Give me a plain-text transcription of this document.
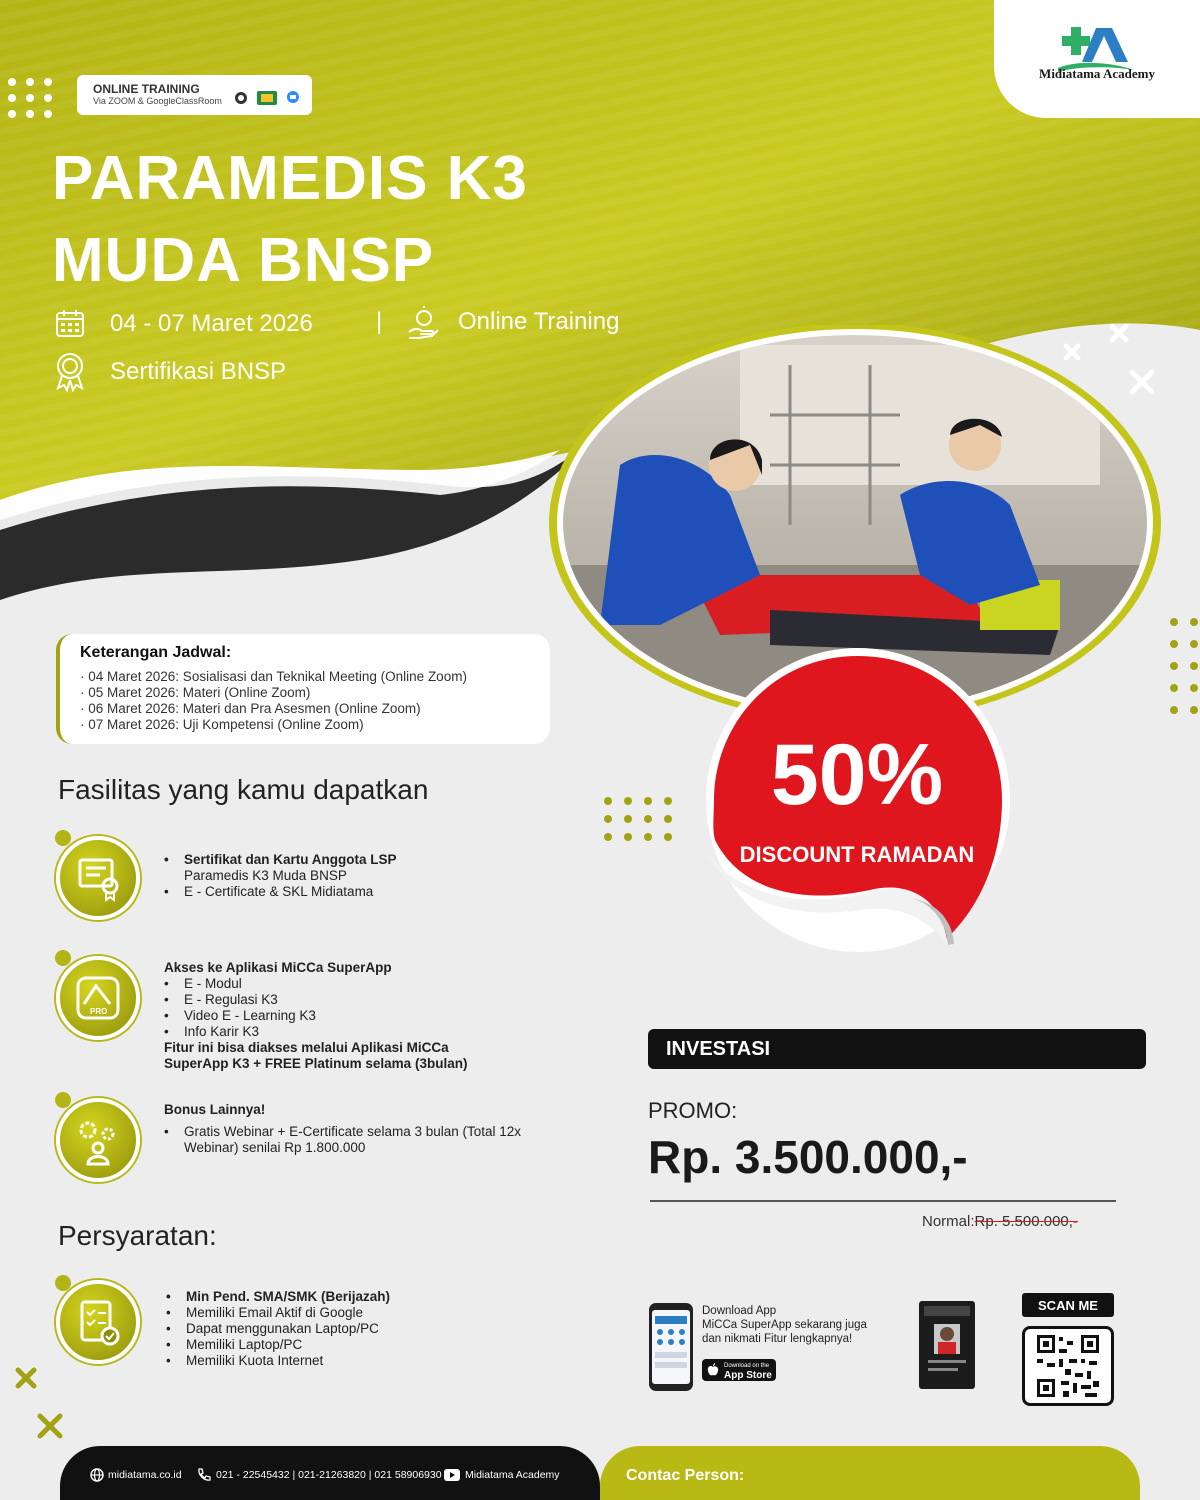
Midiatama Academy
ONLINE TRAINING
Via ZOOM & GoogleClassRoom
PARAMEDIS K3
MUDA BNSP
04 - 07 Maret 2026	|	Online Training
Sertifikasi BNSP
50%
DISCOUNT RAMADAN
Keterangan Jadwal:
· 04 Maret 2026: Sosialisasi dan Teknikal Meeting (Online Zoom)
· 05 Maret 2026: Materi (Online Zoom)
· 06 Maret 2026: Materi dan Pra Asesmen (Online Zoom)
· 07 Maret 2026: Uji Kompetensi (Online Zoom)
Fasilitas yang kamu dapatkan
• Sertifikat dan Kartu Anggota LSP
Paramedis K3 Muda BNSP
• E - Certificate & SKL Midiatama
PRO
Akses ke Aplikasi MiCCa SuperApp
• E - Modul
• E - Regulasi K3
• Video E - Learning K3
• Info Karir K3
Fitur ini bisa diakses melalui Aplikasi MiCCa
SuperApp K3 + FREE Platinum selama (3bulan)
Bonus Lainnya!
• Gratis Webinar + E-Certificate selama 3 bulan (Total 12x
Webinar) senilai Rp 1.800.000
Persyaratan:
• Min Pend. SMA/SMK (Berijazah)
• Memiliki Email Aktif di Google
• Dapat menggunakan Laptop/PC
• Memiliki Laptop/PC
• Memiliki Kuota Internet
INVESTASI
PROMO:
Rp. 3.500.000,-
Normal:Rp. 5.500.000,-
Download App
MiCCa SuperApp sekarang juga
dan nikmati Fitur lengkapnya!
Download on the
App Store
SCAN ME
midiatama.co.id	021 - 22545432 | 021-21263820 | 021 58906930 Midiatama Academy	Contac Person:
